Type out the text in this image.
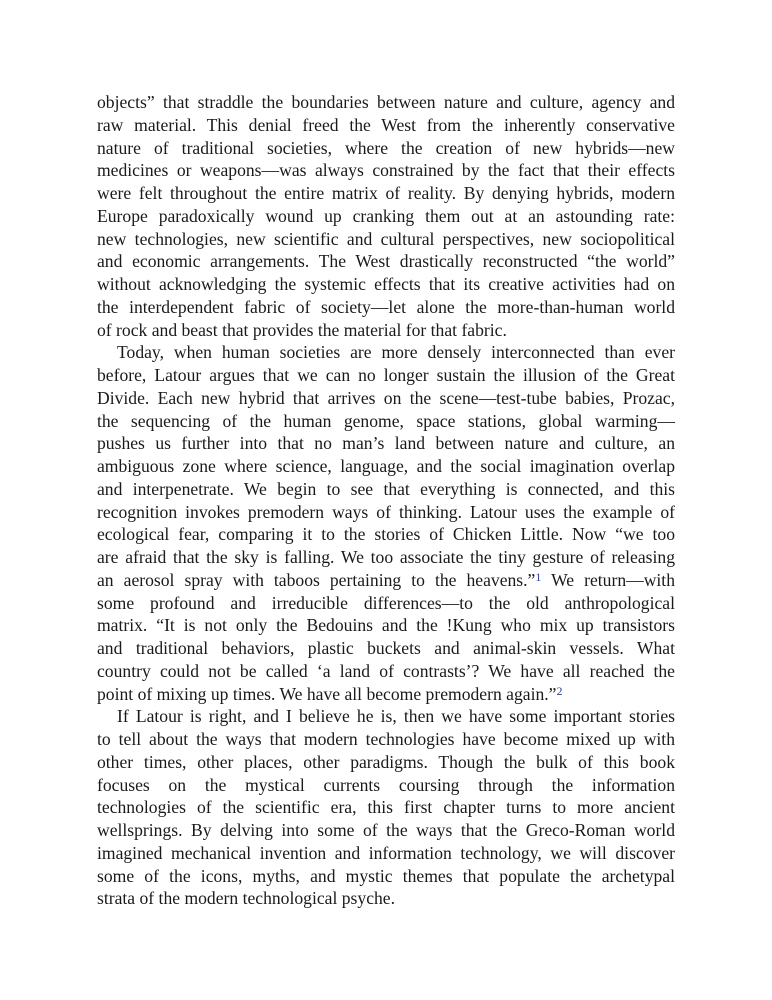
objects” that straddle the boundaries between nature and culture, agency and
raw material. This denial freed the West from the inherently conservative
nature of traditional societies, where the creation of new hybrids—new
medicines or weapons—was always constrained by the fact that their effects
were felt throughout the entire matrix of reality. By denying hybrids, modern
Europe paradoxically wound up cranking them out at an astounding rate:
new technologies, new scientific and cultural perspectives, new sociopolitical
and economic arrangements. The West drastically reconstructed “the world”
without acknowledging the systemic effects that its creative activities had on
the interdependent fabric of society—let alone the more-than-human world
of rock and beast that provides the material for that fabric.
Today, when human societies are more densely interconnected than ever
before, Latour argues that we can no longer sustain the illusion of the Great
Divide. Each new hybrid that arrives on the scene—test-tube babies, Prozac,
the sequencing of the human genome, space stations, global warming—
pushes us further into that no man’s land between nature and culture, an
ambiguous zone where science, language, and the social imagination overlap
and interpenetrate. We begin to see that everything is connected, and this
recognition invokes premodern ways of thinking. Latour uses the example of
ecological fear, comparing it to the stories of Chicken Little. Now “we too
are afraid that the sky is falling. We too associate the tiny gesture of releasing
an aerosol spray with taboos pertaining to the heavens.”$^1$ We return—with
some profound and irreducible differences—to the old anthropological
matrix. “It is not only the Bedouins and the !Kung who mix up transistors
and traditional behaviors, plastic buckets and animal-skin vessels. What
country could not be called ‘a land of contrasts’? We have all reached the
point of mixing up times. We have all become premodern again.”$^2$
If Latour is right, and I believe he is, then we have some important stories
to tell about the ways that modern technologies have become mixed up with
other times, other places, other paradigms. Though the bulk of this book
focuses on the mystical currents coursing through the information
technologies of the scientific era, this first chapter turns to more ancient
wellsprings. By delving into some of the ways that the Greco-Roman world
imagined mechanical invention and information technology, we will discover
some of the icons, myths, and mystic themes that populate the archetypal
strata of the modern technological psyche.
